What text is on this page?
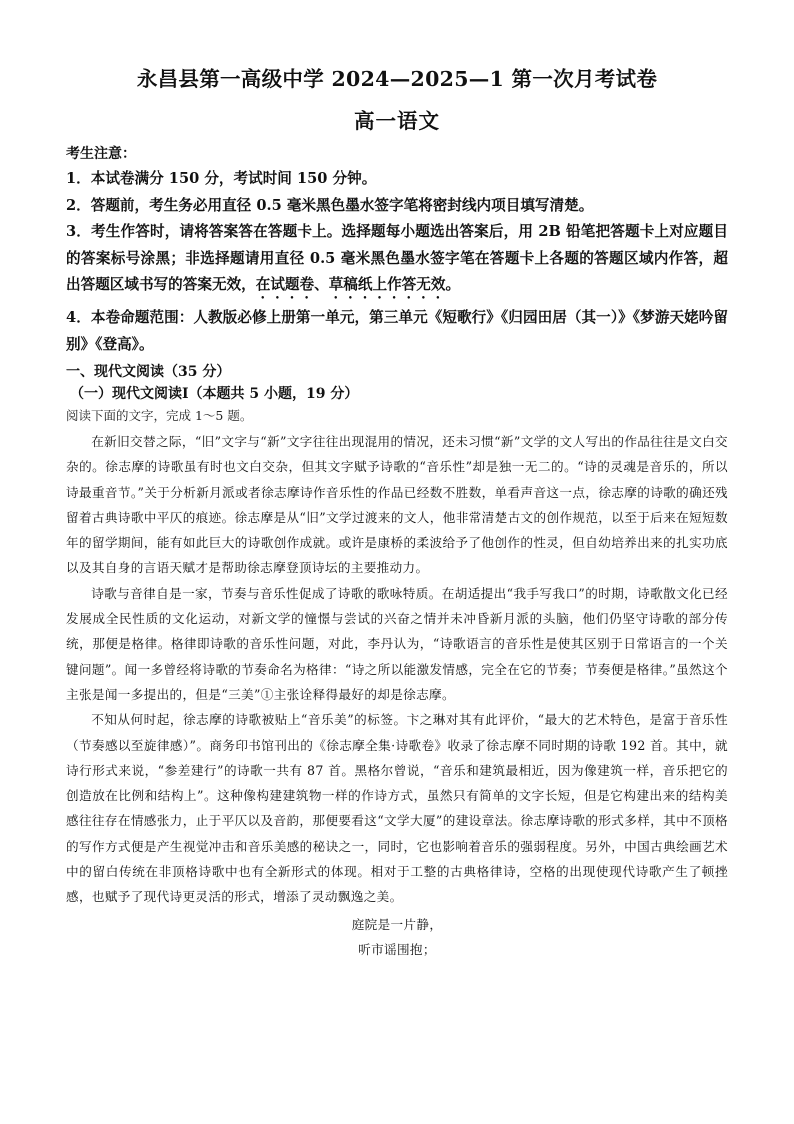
永昌县第一高级中学 2024—2025—1 第一次月考试卷
高一语文
考生注意：

1．本试卷满分 150 分，考试时间 150 分钟。

2．答题前，考生务必用直径 0.5 毫米黑色墨水签字笔将密封线内项目填写清楚。

3．考生作答时，请将答案答在答题卡上。选择题每小题选出答案后，用 2B 铅笔把答题卡上对应题目的答案标号涂黑；非选择题请用直径 0.5 毫米黑色墨水签字笔在答题卡上各题的答题区域内作答，超出答题区域书写的答案无效，在试题卷、草稿纸上作答无效。

4．本卷命题范围：人教版必修上册第一单元，第三单元《短歌行》《归园田居（其一）》《梦游天姥吟留别》《登高》。

一、现代文阅读（35 分）
（一）现代文阅读Ⅰ（本题共 5 小题，19 分）
阅读下面的文字，完成 1～5 题。

在新旧交替之际，“旧”文字与“新”文字往往出现混用的情况，还未习惯“新”文学的文人写出的作品往往是文白交杂的。徐志摩的诗歌虽有时也文白交杂，但其文字赋予诗歌的“音乐性”却是独一无二的。“诗的灵魂是音乐的，所以诗最重音节。”关于分析新月派或者徐志摩诗作音乐性的作品已经数不胜数，单看声音这一点，徐志摩的诗歌的确还残留着古典诗歌中平仄的痕迹。徐志摩是从“旧”文学过渡来的文人，他非常清楚古文的创作规范，以至于后来在短短数年的留学期间，能有如此巨大的诗歌创作成就。或许是康桥的柔波给予了他创作的性灵，但自幼培养出来的扎实功底以及其自身的言语天赋才是帮助徐志摩登顶诗坛的主要推动力。

诗歌与音律自是一家，节奏与音乐性促成了诗歌的歌咏特质。在胡适提出“我手写我口”的时期，诗歌散文化已经发展成全民性质的文化运动，对新文学的憧憬与尝试的兴奋之情并未冲昏新月派的头脑，他们仍坚守诗歌的部分传统，那便是格律。格律即诗歌的音乐性问题，对此，李丹认为，“诗歌语言的音乐性是使其区别于日常语言的一个关键问题”。闻一多曾经将诗歌的节奏命名为格律：“诗之所以能激发情感，完全在它的节奏；节奏便是格律。”虽然这个主张是闻一多提出的，但是“三美”①主张诠释得最好的却是徐志摩。

不知从何时起，徐志摩的诗歌被贴上“音乐美”的标签。卞之琳对其有此评价，“最大的艺术特色，是富于音乐性（节奏感以至旋律感）”。商务印书馆刊出的《徐志摩全集·诗歌卷》收录了徐志摩不同时期的诗歌 192 首。其中，就诗行形式来说，“参差建行”的诗歌一共有 87 首。黑格尔曾说，“音乐和建筑最相近，因为像建筑一样，音乐把它的创造放在比例和结构上”。这种像构建建筑物一样的作诗方式，虽然只有简单的文字长短，但是它构建出来的结构美感往往存在情感张力，止于平仄以及音韵，那便要看这“文学大厦”的建设章法。徐志摩诗歌的形式多样，其中不顶格的写作方式便是产生视觉冲击和音乐美感的秘诀之一，同时，它也影响着音乐的强弱程度。另外，中国古典绘画艺术中的留白传统在非顶格诗歌中也有全新形式的体现。相对于工整的古典格律诗，空格的出现使现代诗歌产生了顿挫感，也赋予了现代诗更灵活的形式，增添了灵动飘逸之美。

庭院是一片静，

听市谣围抱；
